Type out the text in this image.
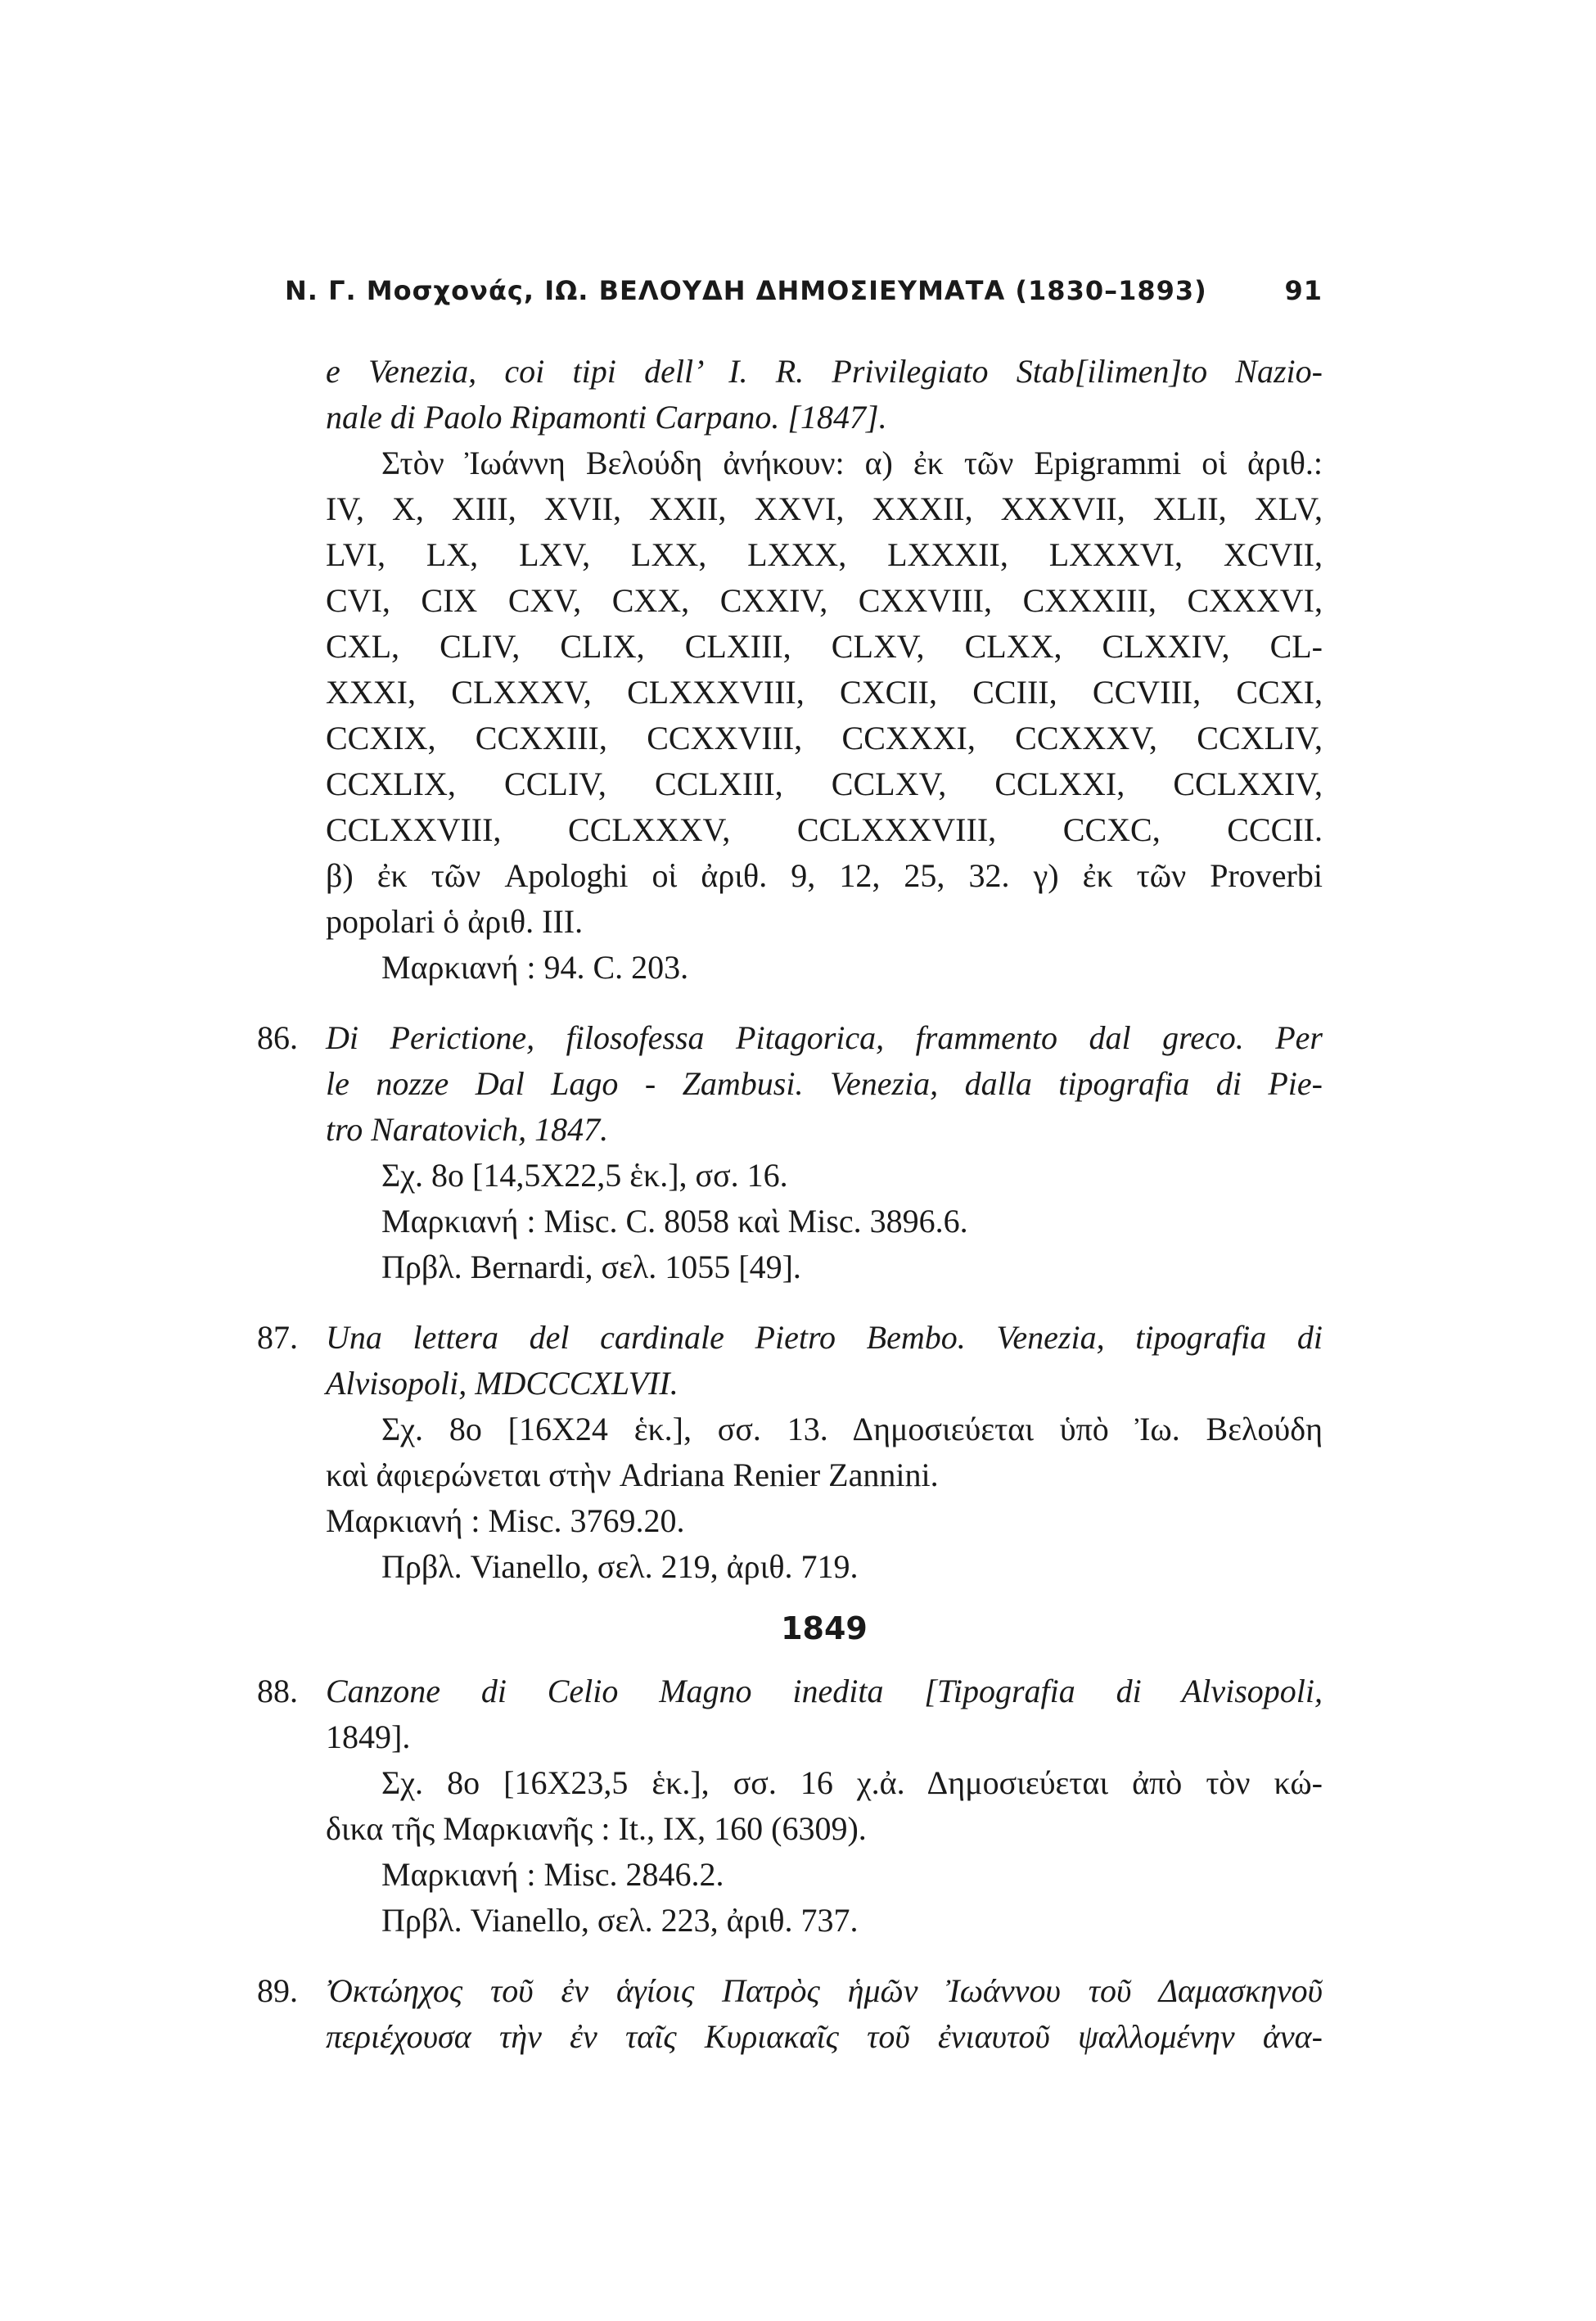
Ν. Γ. Μοσχονάς, ΙΩ. ΒΕΛΟΥΔΗ ΔΗΜΟΣΙΕΥΜΑΤΑ (1830–1893)	91
e Venezia, coi tipi dell’ I. R. Privilegiato Stab[ilimen]to Nazio-
nale di Paolo Ripamonti Carpano. [1847].
Στὸν Ἰωάννη Βελούδη ἀνήκουν: α) ἐκ τῶν Epigrammi οἱ ἀριθ.:
IV, X, XIII, XVII, XXII, XXVI, XXXII, XXXVII, XLII, XLV,
LVI, LX, LXV, LXX, LXXX, LXXXII, LXXXVI, XCVII,
CVI, CIX CXV, CXX, CXXIV, CXXVIII, CXXXIII, CXXXVI,
CXL, CLIV, CLIX, CLXIII, CLXV, CLXX, CLXXIV, CL-
XXXI, CLXXXV, CLXXXVIII, CXCII, CCIII, CCVIII, CCXI,
CCXIX, CCXXIII, CCXXVIII, CCXXXI, CCXXXV, CCXLIV,
CCXLIX, CCLIV, CCLXIII, CCLXV, CCLXXI, CCLXXIV,
CCLXXVIII, CCLXXXV, CCLXXXVIII, CCXC, CCCII.
β) ἐκ τῶν Apologhi οἱ ἀριθ. 9, 12, 25, 32. γ) ἐκ τῶν Proverbi
popolari ὁ ἀριθ. III.
Μαρκιανή : 94. C. 203.
86. Di Perictione, filosofessa Pitagorica, frammento dal greco. Per
le nozze Dal Lago - Zambusi. Venezia, dalla tipografia di Pie-
tro Naratovich, 1847.
Σχ. 8ο [14,5X22,5 ἑκ.], σσ. 16.
Μαρκιανή : Misc. C. 8058 καὶ Misc. 3896.6.
Πρβλ. Bernardi, σελ. 1055 [49].
87. Una lettera del cardinale Pietro Bembo. Venezia, tipografia di
Alvisopoli, MDCCCXLVII.
Σχ. 8ο [16X24 ἑκ.], σσ. 13. Δημοσιεύεται ὑπὸ Ἰω. Βελούδη
καὶ ἀφιερώνεται στὴν Adriana Renier Zannini.
Μαρκιανή : Misc. 3769.20.
Πρβλ. Vianello, σελ. 219, ἀριθ. 719.
1849
88. Canzone di Celio Magno inedita [Tipografia di Alvisopoli,
1849].
Σχ. 8ο [16X23,5 ἑκ.], σσ. 16 χ.ἀ. Δημοσιεύεται ἀπὸ τὸν κώ-
δικα τῆς Μαρκιανῆς : It., IX, 160 (6309).
Μαρκιανή : Misc. 2846.2.
Πρβλ. Vianello, σελ. 223, ἀριθ. 737.
89. Ὀκτώηχος τοῦ ἐν ἁγίοις Πατρὸς ἡμῶν Ἰωάννου τοῦ Δαμασκηνοῦ
περιέχουσα τὴν ἐν ταῖς Κυριακαῖς τοῦ ἐνιαυτοῦ ψαλλομένην ἀνα-
